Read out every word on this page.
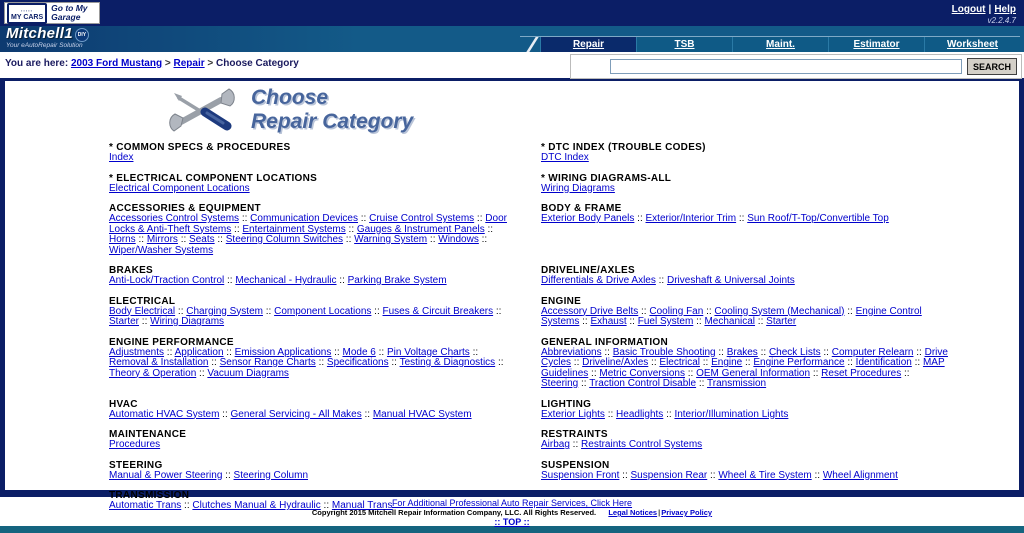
▪▪▪▪▪
MY CARS
Go to My Garage
Logout | Help
v2.2.4.7
Mitchell1 DIY
Your eAutoRepair Solution	Repair	TSB	Maint.	Estimator	Worksheet
You are here: 2003 Ford Mustang > Repair > Choose Category	SEARCH
Choose
Repair Category
* COMMON SPECS & PROCEDURES
Index
* DTC INDEX (TROUBLE CODES)
DTC Index
* ELECTRICAL COMPONENT LOCATIONS
Electrical Component Locations
* WIRING DIAGRAMS-ALL
Wiring Diagrams
ACCESSORIES & EQUIPMENT
Accessories Control Systems :: Communication Devices :: Cruise Control Systems :: Door Locks & Anti-Theft Systems :: Entertainment Systems :: Gauges & Instrument Panels :: Horns :: Mirrors :: Seats :: Steering Column Switches :: Warning System :: Windows :: Wiper/Washer Systems
BODY & FRAME
Exterior Body Panels :: Exterior/Interior Trim :: Sun Roof/T-Top/Convertible Top
BRAKES
Anti-Lock/Traction Control :: Mechanical - Hydraulic :: Parking Brake System
DRIVELINE/AXLES
Differentials & Drive Axles :: Driveshaft & Universal Joints
ELECTRICAL
Body Electrical :: Charging System :: Component Locations :: Fuses & Circuit Breakers :: Starter :: Wiring Diagrams
ENGINE
Accessory Drive Belts :: Cooling Fan :: Cooling System (Mechanical) :: Engine Control Systems :: Exhaust :: Fuel System :: Mechanical :: Starter
ENGINE PERFORMANCE
Adjustments :: Application :: Emission Applications :: Mode 6 :: Pin Voltage Charts :: Removal & Installation :: Sensor Range Charts :: Specifications :: Testing & Diagnostics :: Theory & Operation :: Vacuum Diagrams
GENERAL INFORMATION
Abbreviations :: Basic Trouble Shooting :: Brakes :: Check Lists :: Computer Relearn :: Drive Cycles :: Driveline/Axles :: Electrical :: Engine :: Engine Performance :: Identification :: MAP Guidelines :: Metric Conversions :: OEM General Information :: Reset Procedures :: Steering :: Traction Control Disable :: Transmission
HVAC
Automatic HVAC System :: General Servicing - All Makes :: Manual HVAC System
LIGHTING
Exterior Lights :: Headlights :: Interior/Illumination Lights
MAINTENANCE
Procedures
RESTRAINTS
Airbag :: Restraints Control Systems
STEERING
Manual & Power Steering :: Steering Column
SUSPENSION
Suspension Front :: Suspension Rear :: Wheel & Tire System :: Wheel Alignment
TRANSMISSION
Automatic Trans :: Clutches Manual & Hydraulic :: Manual Trans For Additional Professional Auto Repair Services, Click Here
Copyright 2015 Mitchell Repair Information Company, LLC. All Rights Reserved. Legal Notices|Privacy Policy
:: TOP ::
